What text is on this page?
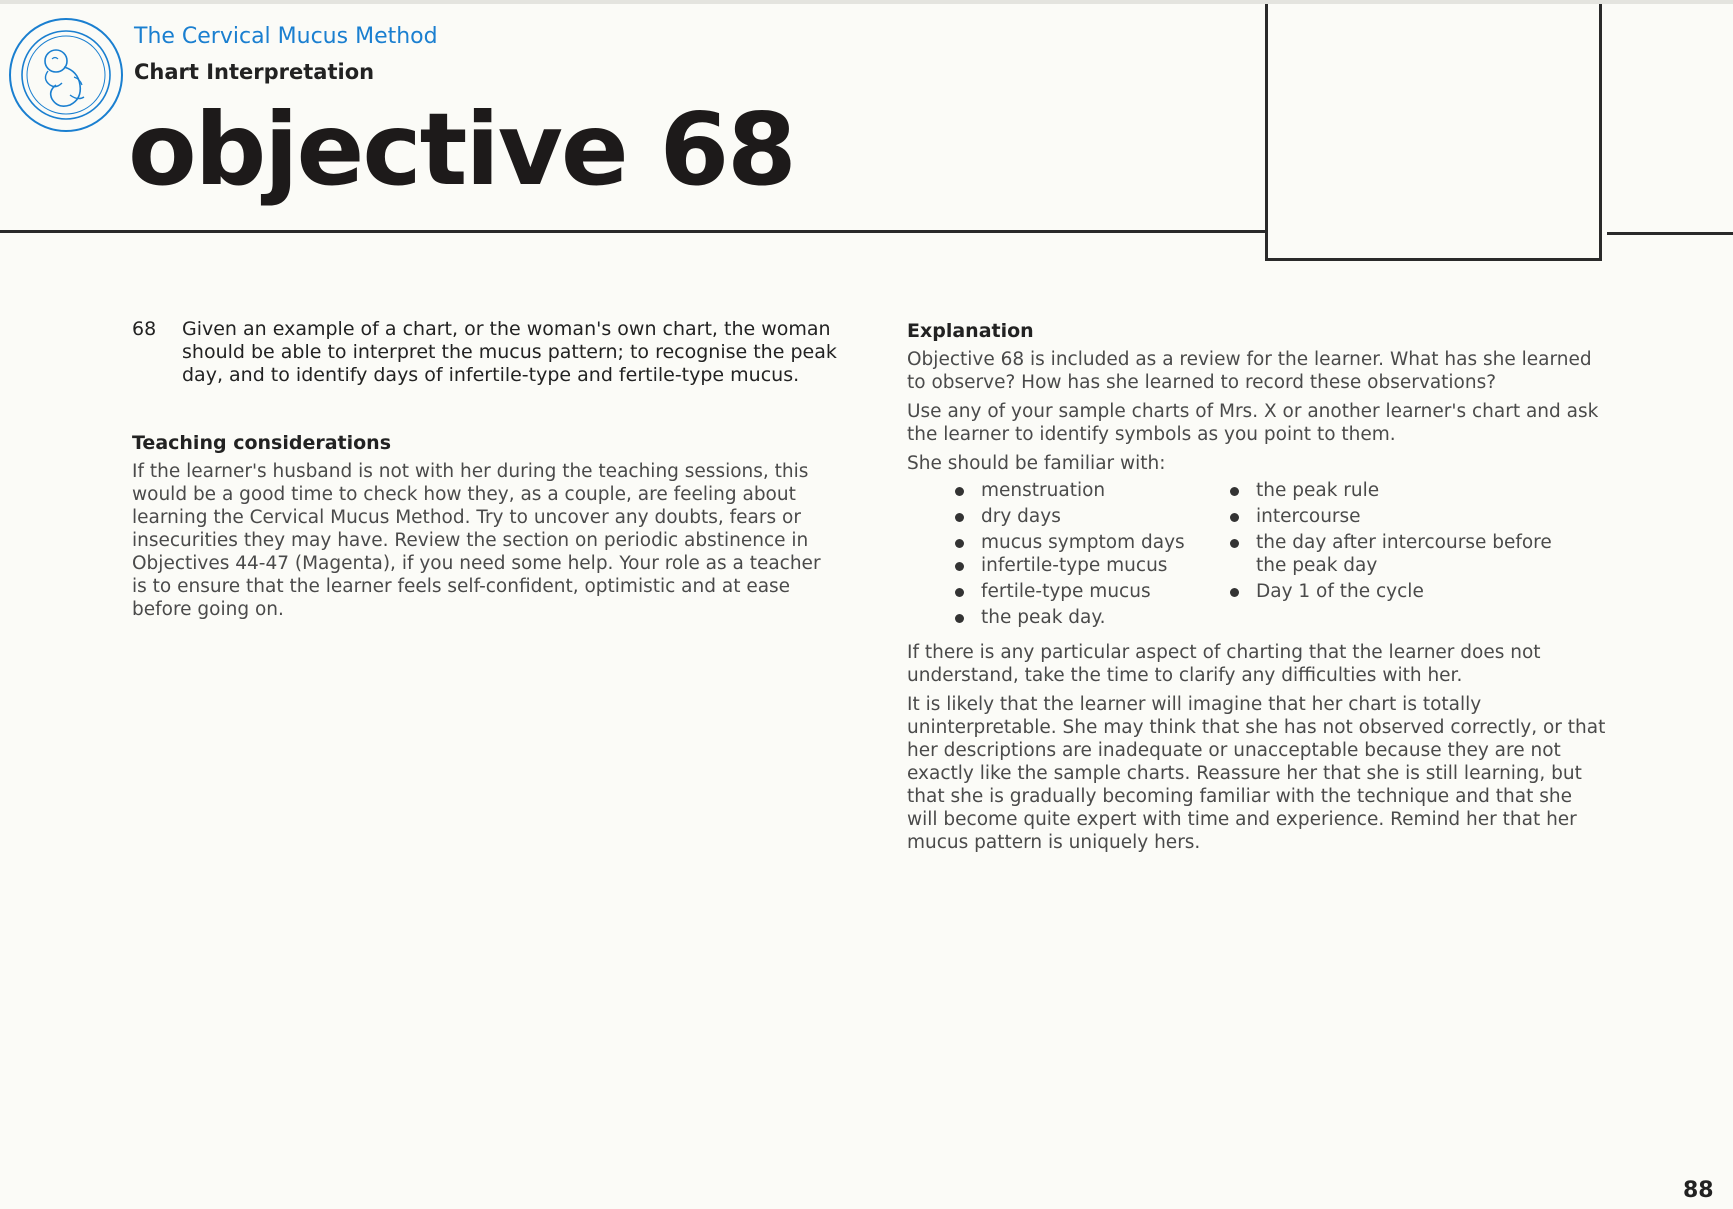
The Cervical Mucus Method
Chart Interpretation
objective 68
68	Given an example of a chart, or the woman's own chart, the woman should be able to interpret the mucus pattern; to recognise the peak day, and to identify days of infertile-type and fertile-type mucus.
Teaching considerations
If the learner's husband is not with her during the teaching sessions, this would be a good time to check how they, as a couple, are feeling about learning the Cervical Mucus Method. Try to uncover any doubts, fears or insecurities they may have. Review the section on periodic abstinence in Objectives 44-47 (Magenta), if you need some help. Your role as a teacher is to ensure that the learner feels self-confident, optimistic and at ease before going on.
Explanation

Objective 68 is included as a review for the learner. What has she learned to observe? How has she learned to record these observations?

Use any of your sample charts of Mrs. X or another learner's chart and ask the learner to identify symbols as you point to them.

She should be familiar with:

menstruation
dry days
mucus symptom days
infertile-type mucus
fertile-type mucus
the peak day.
the peak rule
intercourse
the day after intercourse before the peak day
Day 1 of the cycle

If there is any particular aspect of charting that the learner does not understand, take the time to clarify any difficulties with her.

It is likely that the learner will imagine that her chart is totally uninterpretable. She may think that she has not observed correctly, or that her descriptions are inadequate or unacceptable because they are not exactly like the sample charts. Reassure her that she is still learning, but that she is gradually becoming familiar with the technique and that she will become quite expert with time and experience. Remind her that her mucus pattern is uniquely hers.

88
